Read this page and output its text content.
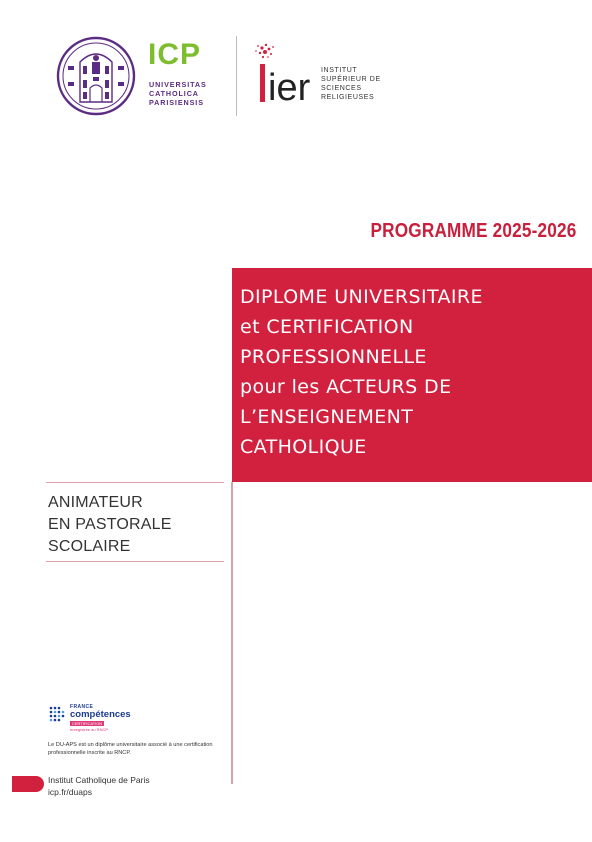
ICP
UNIVERSITAS
CATHOLICA
PARISIENSIS ier INSTITUT
SUPÉRIEUR DE
SCIENCES
RELIGIEUSES
PROGRAMME 2025-2026
DIPLOME UNIVERSITAIRE
et CERTIFICATION
PROFESSIONNELLE
pour les ACTEURS DE
L’ENSEIGNEMENT
CATHOLIQUE
ANIMATEUR
EN PASTORALE
SCOLAIRE
FRANCE
compétences
CERTIFICATION
enregistrée au RNCP
Le DU-APS est un diplôme universitaire associé à une certification professionnelle inscrite au RNCP.
Institut Catholique de Paris
icp.fr/duaps
